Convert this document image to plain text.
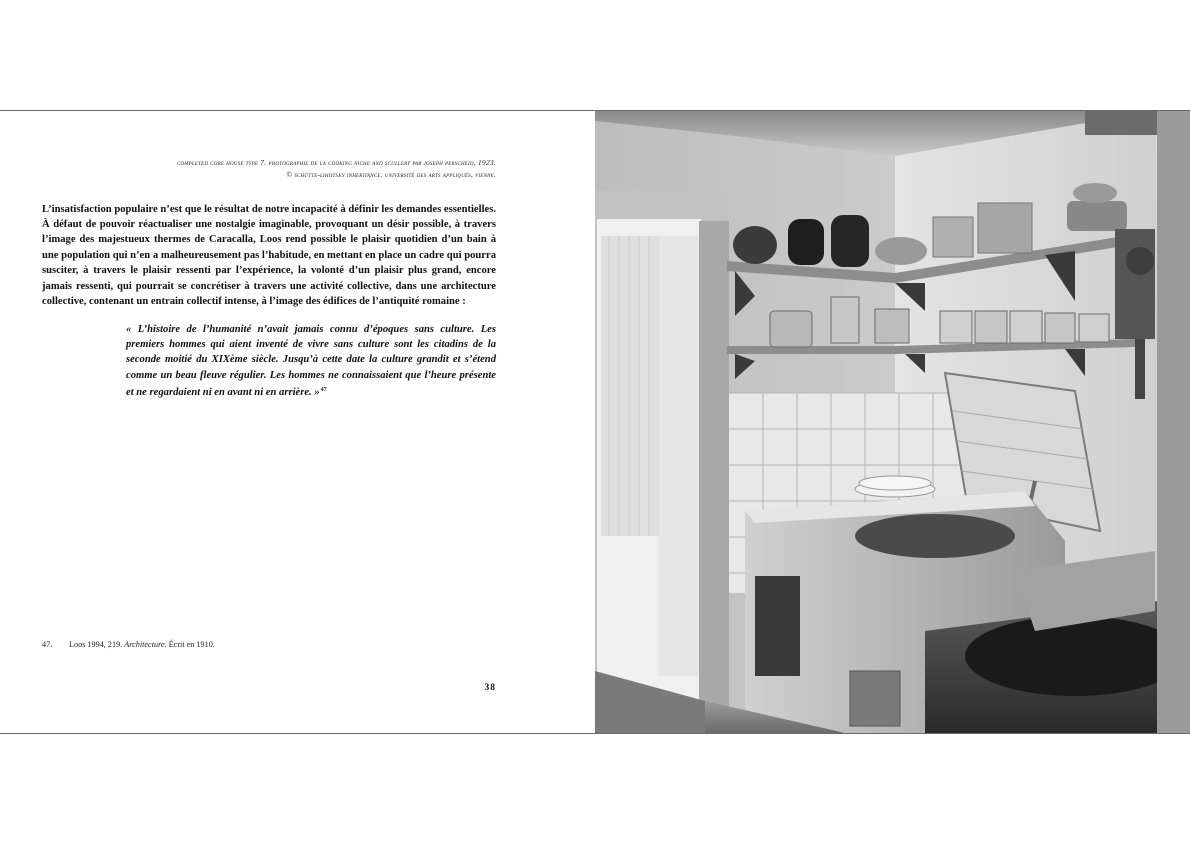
completed core house type 7. photographie de la cooking niche and scullery par joseph perscheid, 1923.
© schütte-lihotsky inheritance. université des arts appliqués, vienne.

L’insatisfaction populaire n’est que le résultat de notre incapacité à définir les demandes essentielles. À défaut de pouvoir réactualiser une nostalgie imaginable, provoquant un désir possible, à travers l’image des majestueux thermes de Caracalla, Loos rend possible le plaisir quotidien d’un bain à une population qui n’en a malheureusement pas l’habitude, en mettant en place un cadre qui pourra susciter, à travers le plaisir ressenti par l’expérience, la volonté d’un plaisir plus grand, encore jamais ressenti, qui pourrait se concrétiser à travers une activité collective, dans une architecture collective, contenant un entrain collectif intense, à l’image des édifices de l’antiquité romaine :

« L’histoire de l’humanité n’avait jamais connu d’époques sans culture. Les premiers hommes qui aient inventé de vivre sans culture sont les citadins de la seconde moitié du XIXème siècle. Jusqu’à cette date la culture grandit et s’étend comme un beau fleuve régulier. Les hommes ne connaissaient que l’heure présente et ne regardaient ni en avant ni en arrière. »$^{47}$

47. Loos 1994, 219. Architecture. Écrit en 1910.
38
